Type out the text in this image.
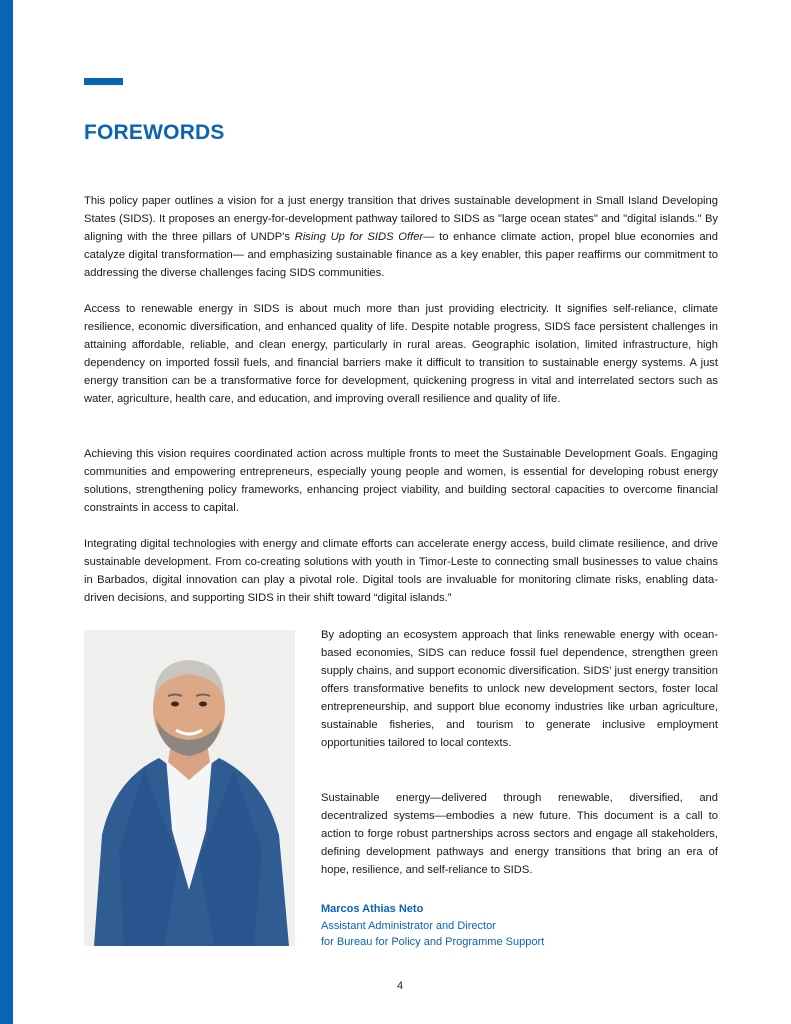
FOREWORDS

This policy paper outlines a vision for a just energy transition that drives sustainable development in Small Island Developing States (SIDS). It proposes an energy-for-development pathway tailored to SIDS as "large ocean states" and "digital islands." By aligning with the three pillars of UNDP's Rising Up for SIDS Offer— to enhance climate action, propel blue economies and catalyze digital transformation— and emphasizing sustainable finance as a key enabler, this paper reaffirms our commitment to addressing the diverse challenges facing SIDS communities.

Access to renewable energy in SIDS is about much more than just providing electricity. It signifies self-reliance, climate resilience, economic diversification, and enhanced quality of life. Despite notable progress, SIDS face persistent challenges in attaining affordable, reliable, and clean energy, particularly in rural areas. Geographic isolation, limited infrastructure, high dependency on imported fossil fuels, and financial barriers make it difficult to transition to sustainable energy systems. A just energy transition can be a transformative force for development, quickening progress in vital and interrelated sectors such as water, agriculture, health care, and education, and improving overall resilience and quality of life.

Achieving this vision requires coordinated action across multiple fronts to meet the Sustainable Development Goals. Engaging communities and empowering entrepreneurs, especially young people and women, is essential for developing robust energy solutions, strengthening policy frameworks, enhancing project viability, and building sectoral capacities to overcome financial constraints in access to capital.

Integrating digital technologies with energy and climate efforts can accelerate energy access, build climate resilience, and drive sustainable development. From co-creating solutions with youth in Timor-Leste to connecting small businesses to value chains in Barbados, digital innovation can play a pivotal role. Digital tools are invaluable for monitoring climate risks, enabling data-driven decisions, and supporting SIDS in their shift toward “digital islands.”

By adopting an ecosystem approach that links renewable energy with ocean-based economies, SIDS can reduce fossil fuel dependence, strengthen green supply chains, and support economic diversification. SIDS’ just energy transition offers transformative benefits to unlock new development sectors, foster local entrepreneurship, and support blue economy industries like urban agriculture, sustainable fisheries, and tourism to generate inclusive employment opportunities tailored to local contexts.

Sustainable energy—delivered through renewable, diversified, and decentralized systems—embodies a new future. This document is a call to action to forge robust partnerships across sectors and engage all stakeholders, defining development pathways and energy transitions that bring an era of hope, resilience, and self-reliance to SIDS.

Marcos Athias Neto
Assistant Administrator and Director
for Bureau for Policy and Programme Support
4
